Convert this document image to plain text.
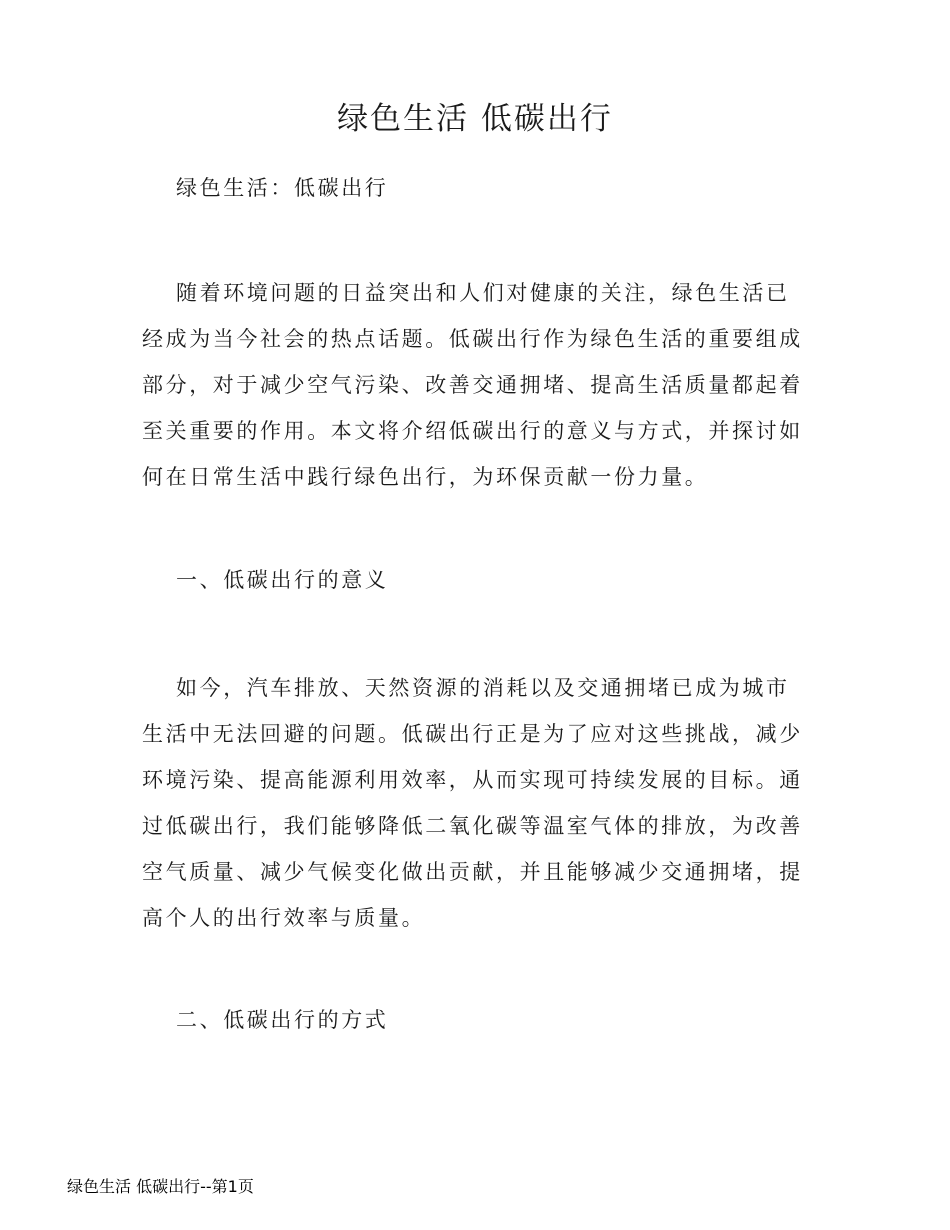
绿色生活 低碳出行

绿色生活：低碳出行

随着环境问题的日益突出和人们对健康的关注，绿色生活已经成为当今社会的热点话题。低碳出行作为绿色生活的重要组成部分，对于减少空气污染、改善交通拥堵、提高生活质量都起着至关重要的作用。本文将介绍低碳出行的意义与方式，并探讨如何在日常生活中践行绿色出行，为环保贡献一份力量。

一、低碳出行的意义

如今，汽车排放、天然资源的消耗以及交通拥堵已成为城市生活中无法回避的问题。低碳出行正是为了应对这些挑战，减少环境污染、提高能源利用效率，从而实现可持续发展的目标。通过低碳出行，我们能够降低二氧化碳等温室气体的排放，为改善空气质量、减少气候变化做出贡献，并且能够减少交通拥堵，提高个人的出行效率与质量。

二、低碳出行的方式

绿色生活 低碳出行--第1页
